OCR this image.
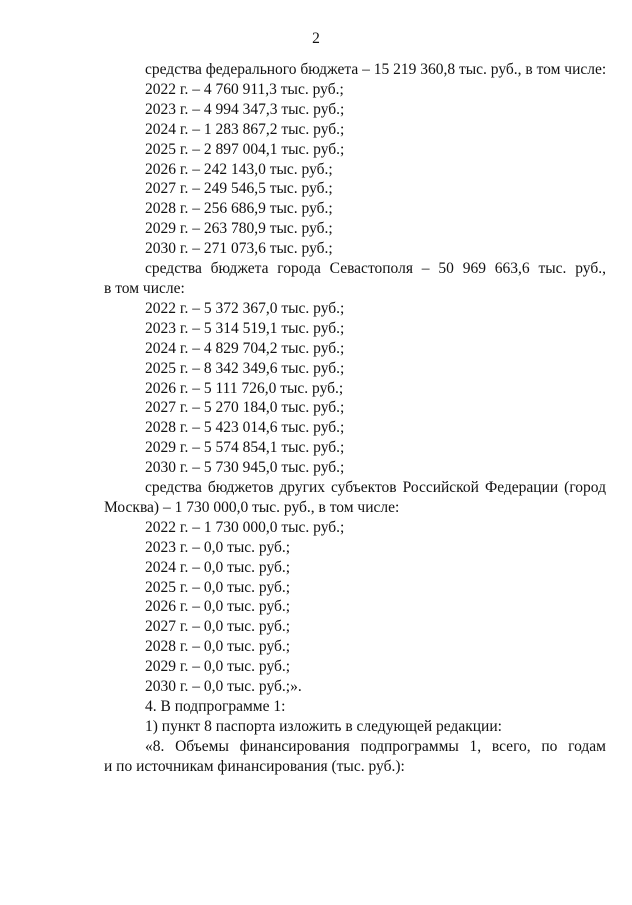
2
средства федерального бюджета – 15 219 360,8 тыс. руб., в том числе:
2022 г. – 4 760 911,3 тыс. руб.;
2023 г. – 4 994 347,3 тыс. руб.;
2024 г. – 1 283 867,2 тыс. руб.;
2025 г. – 2 897 004,1 тыс. руб.;
2026 г. – 242 143,0 тыс. руб.;
2027 г. – 249 546,5 тыс. руб.;
2028 г. – 256 686,9 тыс. руб.;
2029 г. – 263 780,9 тыс. руб.;
2030 г. – 271 073,6 тыс. руб.;
средства бюджета города Севастополя – 50 969 663,6 тыс. руб.,
в том числе:
2022 г. – 5 372 367,0 тыс. руб.;
2023 г. – 5 314 519,1 тыс. руб.;
2024 г. – 4 829 704,2 тыс. руб.;
2025 г. – 8 342 349,6 тыс. руб.;
2026 г. – 5 111 726,0 тыс. руб.;
2027 г. – 5 270 184,0 тыс. руб.;
2028 г. – 5 423 014,6 тыс. руб.;
2029 г. – 5 574 854,1 тыс. руб.;
2030 г. – 5 730 945,0 тыс. руб.;
средства бюджетов других субъектов Российской Федерации (город
Москва) – 1 730 000,0 тыс. руб., в том числе:
2022 г. – 1 730 000,0 тыс. руб.;
2023 г. – 0,0 тыс. руб.;
2024 г. – 0,0 тыс. руб.;
2025 г. – 0,0 тыс. руб.;
2026 г. – 0,0 тыс. руб.;
2027 г. – 0,0 тыс. руб.;
2028 г. – 0,0 тыс. руб.;
2029 г. – 0,0 тыс. руб.;
2030 г. – 0,0 тыс. руб.;».
4. В подпрограмме 1:
1) пункт 8 паспорта изложить в следующей редакции:
«8. Объемы финансирования подпрограммы 1, всего, по годам
и по источникам финансирования (тыс. руб.):
